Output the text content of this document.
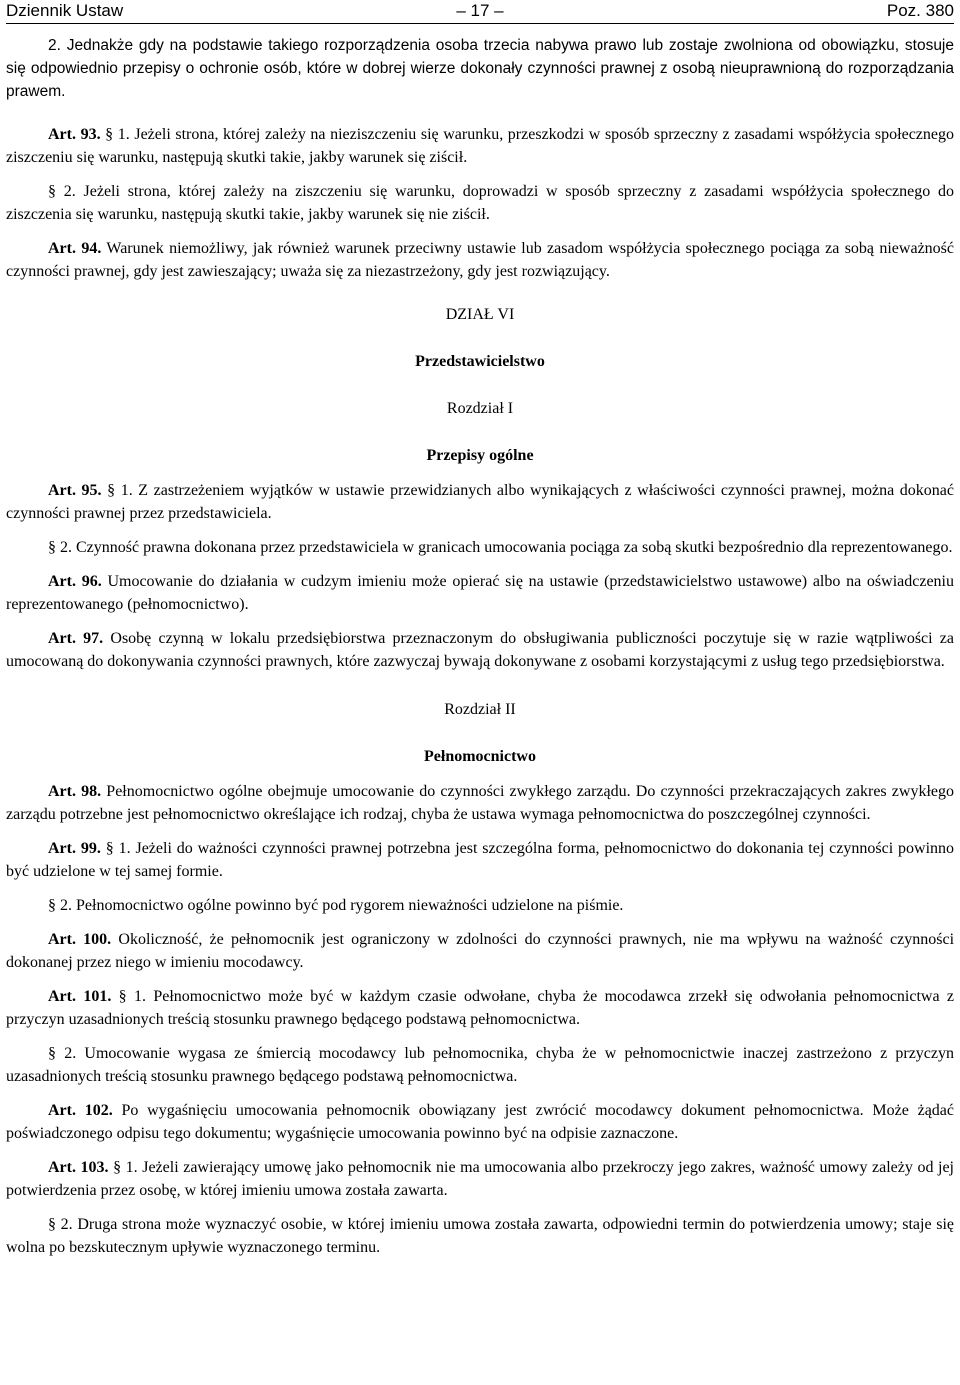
Dziennik Ustaw	– 17 –	Poz. 380

2. Jednakże gdy na podstawie takiego rozporządzenia osoba trzecia nabywa prawo lub zostaje zwolniona od obowiązku, stosuje się odpowiednio przepisy o ochronie osób, które w dobrej wierze dokonały czynności prawnej z osobą nieuprawnioną do rozporządzania prawem.

Art. 93. § 1. Jeżeli strona, której zależy na nieziszczeniu się warunku, przeszkodzi w sposób sprzeczny z zasadami współżycia społecznego ziszczeniu się warunku, następują skutki takie, jakby warunek się ziścił.

§ 2. Jeżeli strona, której zależy na ziszczeniu się warunku, doprowadzi w sposób sprzeczny z zasadami współżycia społecznego do ziszczenia się warunku, następują skutki takie, jakby warunek się nie ziścił.

Art. 94. Warunek niemożliwy, jak również warunek przeciwny ustawie lub zasadom współżycia społecznego pociąga za sobą nieważność czynności prawnej, gdy jest zawieszający; uważa się za niezastrzeżony, gdy jest rozwiązujący.

DZIAŁ VI

Przedstawicielstwo

Rozdział I

Przepisy ogólne

Art. 95. § 1. Z zastrzeżeniem wyjątków w ustawie przewidzianych albo wynikających z właściwości czynności prawnej, można dokonać czynności prawnej przez przedstawiciela.

§ 2. Czynność prawna dokonana przez przedstawiciela w granicach umocowania pociąga za sobą skutki bezpośrednio dla reprezentowanego.

Art. 96. Umocowanie do działania w cudzym imieniu może opierać się na ustawie (przedstawicielstwo ustawowe) albo na oświadczeniu reprezentowanego (pełnomocnictwo).

Art. 97. Osobę czynną w lokalu przedsiębiorstwa przeznaczonym do obsługiwania publiczności poczytuje się w razie wątpliwości za umocowaną do dokonywania czynności prawnych, które zazwyczaj bywają dokonywane z osobami korzystającymi z usług tego przedsiębiorstwa.

Rozdział II

Pełnomocnictwo

Art. 98. Pełnomocnictwo ogólne obejmuje umocowanie do czynności zwykłego zarządu. Do czynności przekraczających zakres zwykłego zarządu potrzebne jest pełnomocnictwo określające ich rodzaj, chyba że ustawa wymaga pełnomocnictwa do poszczególnej czynności.

Art. 99. § 1. Jeżeli do ważności czynności prawnej potrzebna jest szczególna forma, pełnomocnictwo do dokonania tej czynności powinno być udzielone w tej samej formie.

§ 2. Pełnomocnictwo ogólne powinno być pod rygorem nieważności udzielone na piśmie.

Art. 100. Okoliczność, że pełnomocnik jest ograniczony w zdolności do czynności prawnych, nie ma wpływu na ważność czynności dokonanej przez niego w imieniu mocodawcy.

Art. 101. § 1. Pełnomocnictwo może być w każdym czasie odwołane, chyba że mocodawca zrzekł się odwołania pełnomocnictwa z przyczyn uzasadnionych treścią stosunku prawnego będącego podstawą pełnomocnictwa.

§ 2. Umocowanie wygasa ze śmiercią mocodawcy lub pełnomocnika, chyba że w pełnomocnictwie inaczej zastrzeżono z przyczyn uzasadnionych treścią stosunku prawnego będącego podstawą pełnomocnictwa.

Art. 102. Po wygaśnięciu umocowania pełnomocnik obowiązany jest zwrócić mocodawcy dokument pełnomocnictwa. Może żądać poświadczonego odpisu tego dokumentu; wygaśnięcie umocowania powinno być na odpisie zaznaczone.

Art. 103. § 1. Jeżeli zawierający umowę jako pełnomocnik nie ma umocowania albo przekroczy jego zakres, ważność umowy zależy od jej potwierdzenia przez osobę, w której imieniu umowa została zawarta.

§ 2. Druga strona może wyznaczyć osobie, w której imieniu umowa została zawarta, odpowiedni termin do potwierdzenia umowy; staje się wolna po bezskutecznym upływie wyznaczonego terminu.
